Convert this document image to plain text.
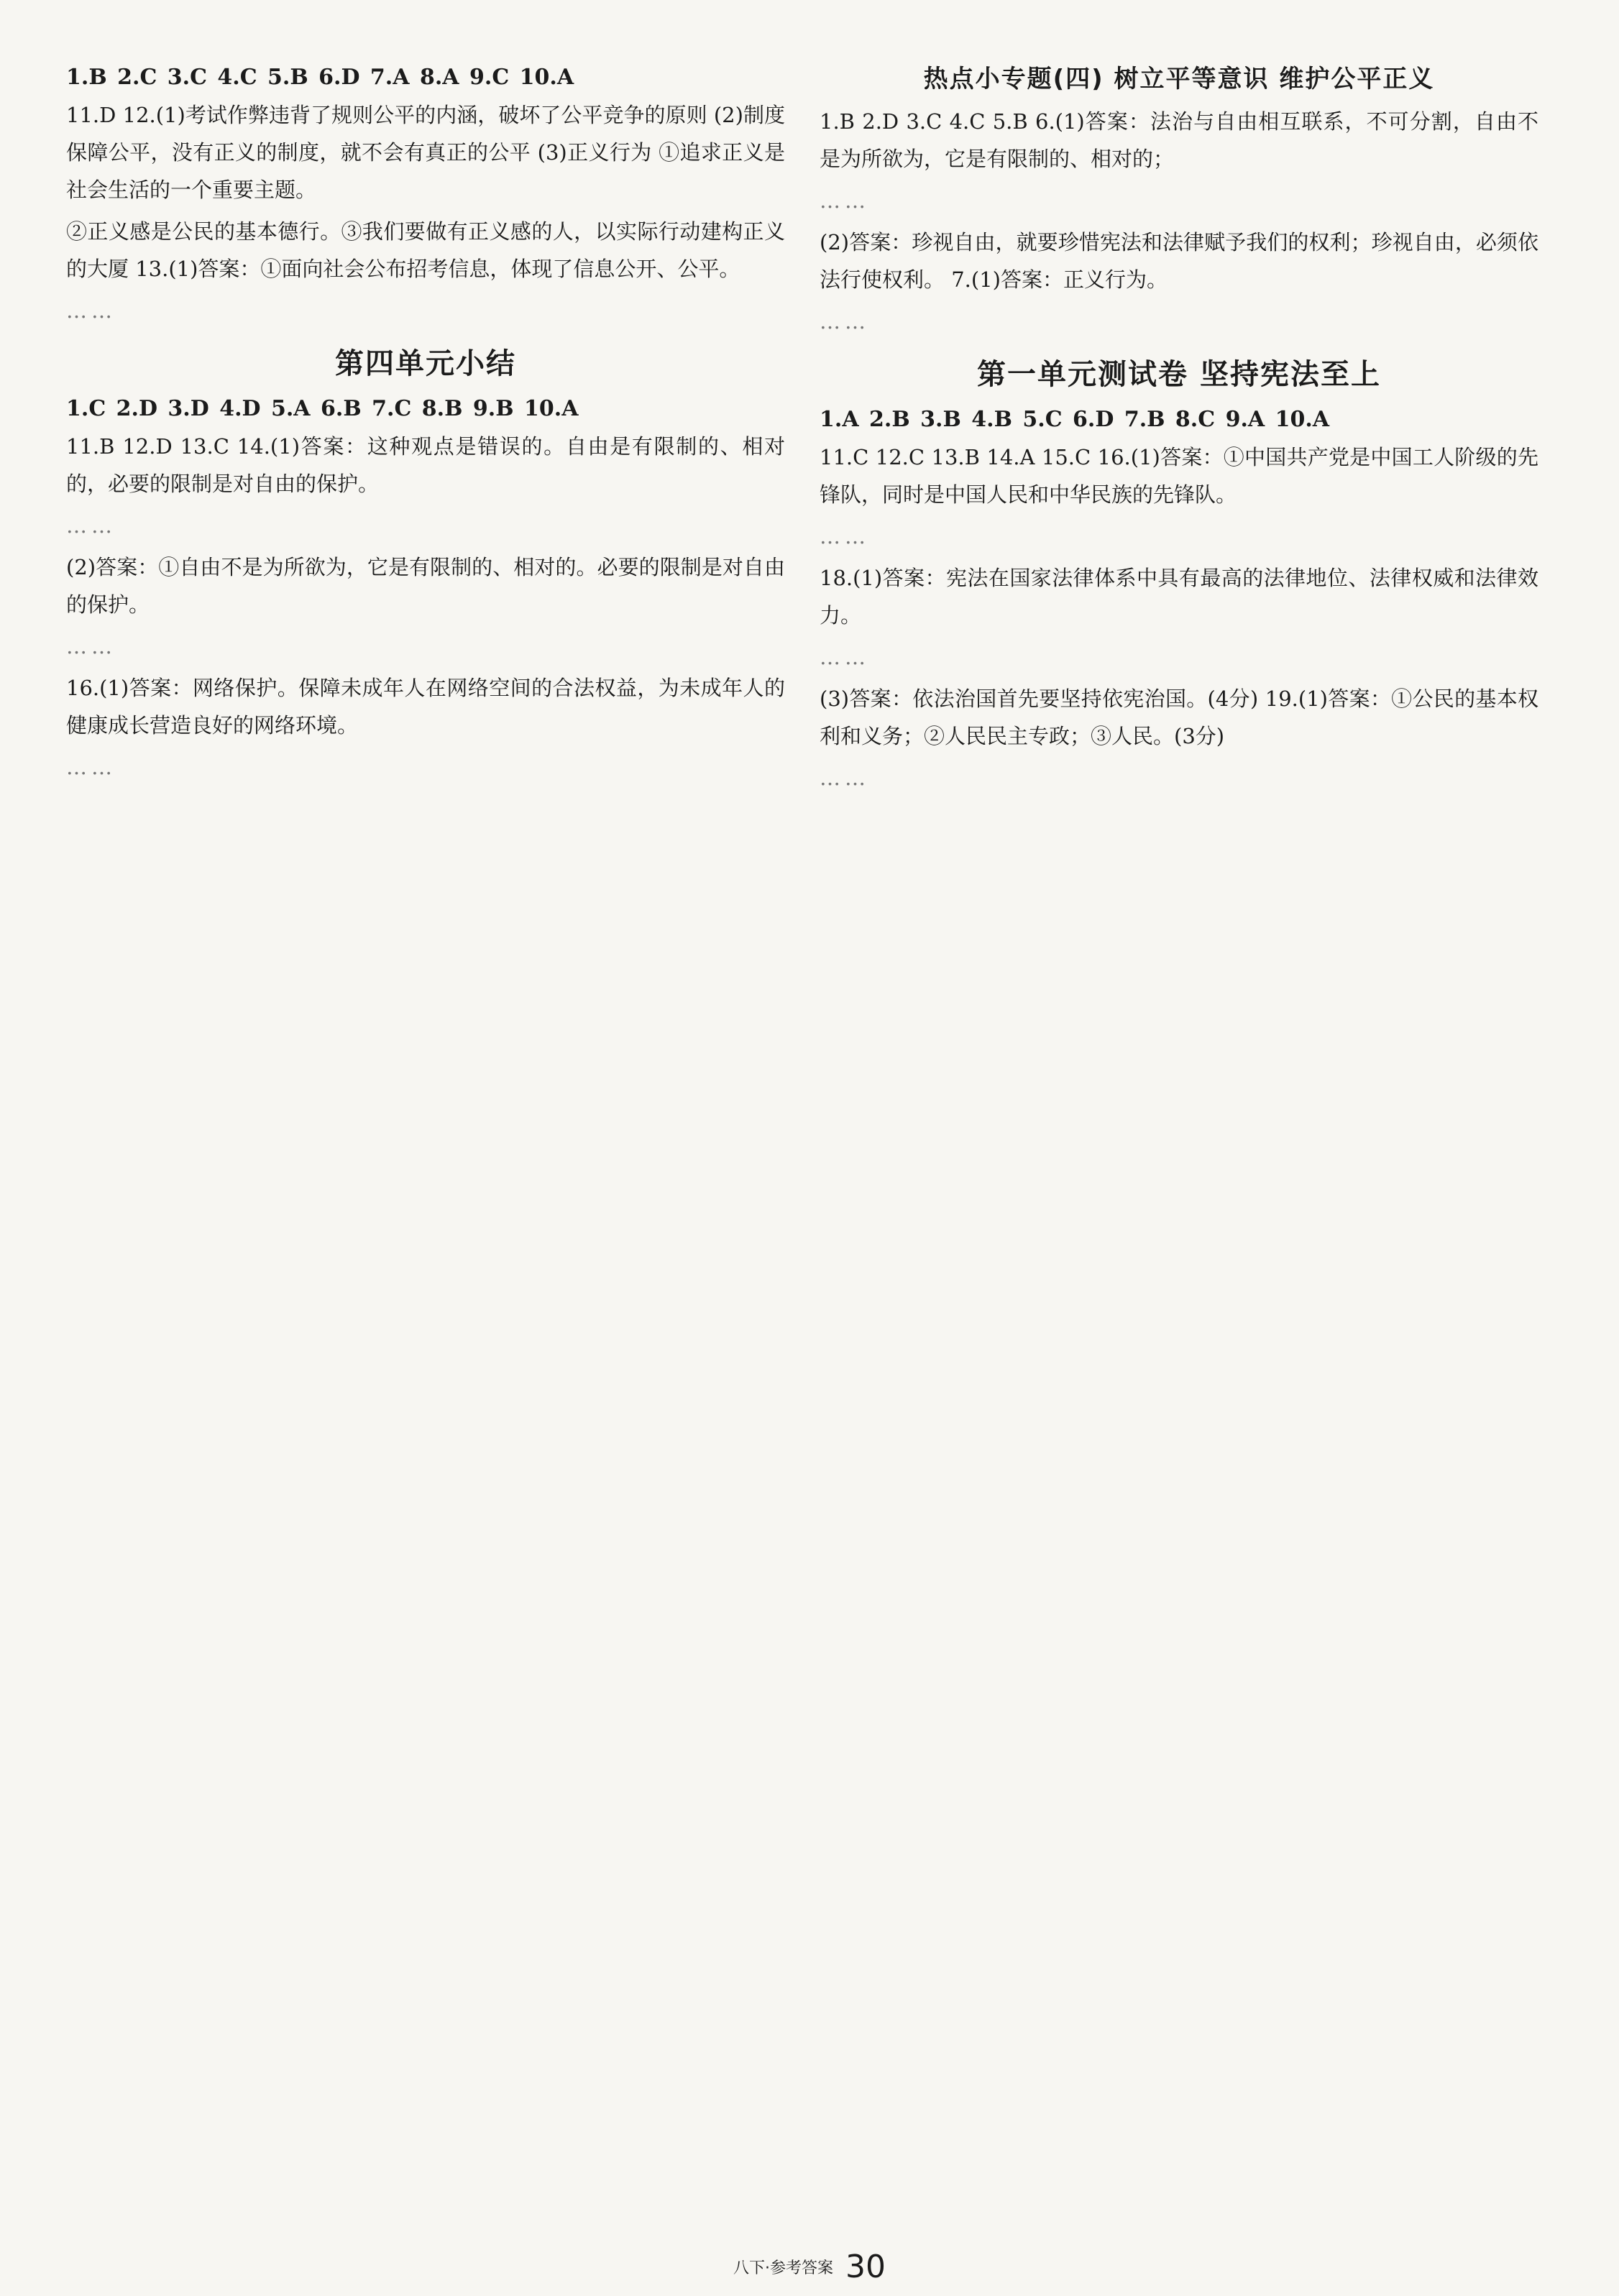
1.B 2.C 3.C 4.C 5.B 6.D 7.A 8.A 9.C 10.A

11.D 12.(1)考试作弊违背了规则公平的内涵，破坏了公平竞争的原则 (2)制度保障公平，没有正义的制度，就不会有真正的公平 (3)正义行为 ①追求正义是社会生活的一个重要主题。

②正义感是公民的基本德行。③我们要做有正义感的人，以实际行动建构正义的大厦 13.(1)答案：①面向社会公布招考信息，体现了信息公开、公平。

……

第四单元小结
1.C 2.D 3.D 4.D 5.A 6.B 7.C 8.B 9.B 10.A

11.B 12.D 13.C 14.(1)答案：这种观点是错误的。自由是有限制的、相对的，必要的限制是对自由的保护。

……

(2)答案：①自由不是为所欲为，它是有限制的、相对的。必要的限制是对自由的保护。

……

16.(1)答案：网络保护。保障未成年人在网络空间的合法权益，为未成年人的健康成长营造良好的网络环境。

……

热点小专题(四) 树立平等意识 维护公平正义

1.B 2.D 3.C 4.C 5.B 6.(1)答案：法治与自由相互联系，不可分割，自由不是为所欲为，它是有限制的、相对的；

……

(2)答案：珍视自由，就要珍惜宪法和法律赋予我们的权利；珍视自由，必须依法行使权利。 7.(1)答案：正义行为。

……

第一单元测试卷 坚持宪法至上
1.A 2.B 3.B 4.B 5.C 6.D 7.B 8.C 9.A 10.A

11.C 12.C 13.B 14.A 15.C 16.(1)答案：①中国共产党是中国工人阶级的先锋队，同时是中国人民和中华民族的先锋队。

……

18.(1)答案：宪法在国家法律体系中具有最高的法律地位、法律权威和法律效力。

……

(3)答案：依法治国首先要坚持依宪治国。(4分) 19.(1)答案：①公民的基本权利和义务；②人民民主专政；③人民。(3分)

……

八下·参考答案 30
